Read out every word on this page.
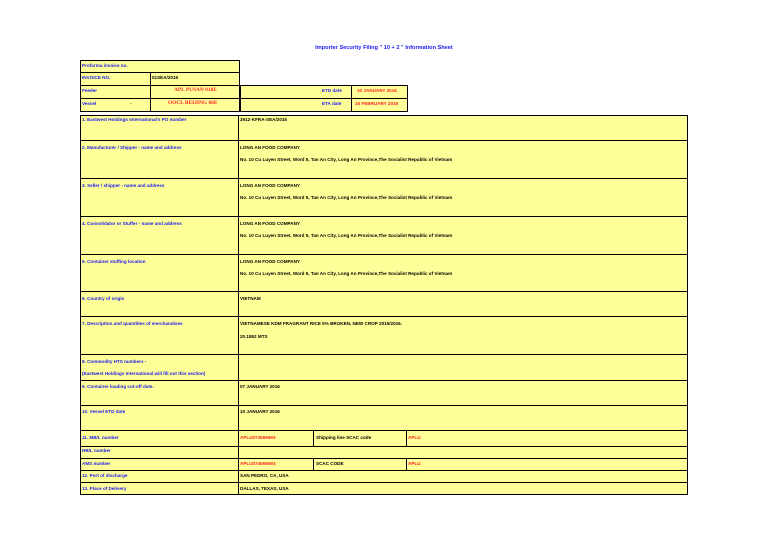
Importer Security Filing " 10 + 2 " Information Sheet
Proforma invoice no.
INVOICE NO.	01SEA/2016
Feeder	APL PUSAN 018E
Vessel	-	OOCL BEIJING 66E
ETD date	10 JANUARY 2016
ETA date	16 FEBRUARY 2016
1. Eastwest Holdings International's PO number	2912-KFRA-SEA/2015
2. Manufacturer / Shipper - name and address	LONG AN FOOD COMPANY
No. 10 Cu Luyen Street, Word 5, Tan An City, Long An Province,The Socialist Republic of Vietnam
3. Seller / shipper - name and address	LONG AN FOOD COMPANY
No. 10 Cu Luyen Street, Word 5, Tan An City, Long An Province,The Socialist Republic of Vietnam
4. Consolidator or Stuffer - name and address	LONG AN FOOD COMPANY
No. 10 Cu Luyen Street, Word 5, Tan An City, Long An Province,The Socialist Republic of Vietnam
5. Container stuffing location	LONG AN FOOD COMPANY
No. 10 Cu Luyen Street, Word 5, Tan An City, Long An Province,The Socialist Republic of Vietnam
6. Country of origin	VIETNAM
7. Description and quantities of merchandises	VIETNAMESE KDM FRAGRANT RICE 5% BROKEN, NEW CROP 2015/2016.
20.1852 MTS
8. Commodity HTS numbers -
(Eastwest Holdings International will fill out this section)
9. Container loading cut-off date.	07 JANUARY 2016
10. Vessel ETD date	10 JANUARY 2016
11. MB/L number	APLU074556593	Shipping line SCAC code	APLU
HB/L number
AMS number	APLU074556593	SCAC CODE	APLU
12. Port of discharge	SAN PEDRO, CA, USA
13. Place of Delivery	DALLAS, TEXAS, USA
